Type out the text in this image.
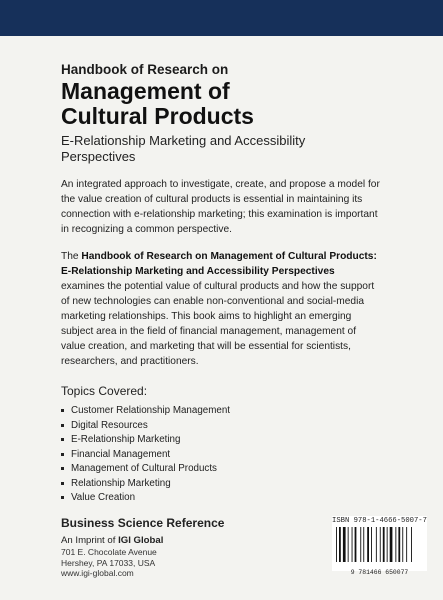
Handbook of Research on
Management of
Cultural Products
E-Relationship Marketing and Accessibility Perspectives

An integrated approach to investigate, create, and propose a model for the value creation of cultural products is essential in maintaining its connection with e-relationship marketing; this examination is important in recognizing a common perspective.

The Handbook of Research on Management of Cultural Products: E-Relationship Marketing and Accessibility Perspectives examines the potential value of cultural products and how the support of new technologies can enable non-conventional and social-media marketing relationships. This book aims to highlight an emerging subject area in the field of financial management, management of value creation, and marketing that will be essential for scientists, researchers, and practitioners.

Topics Covered:
Customer Relationship Management
Digital Resources
E-Relationship Marketing
Financial Management
Management of Cultural Products
Relationship Marketing
Value Creation
Business Science Reference
An Imprint of IGI Global
701 E. Chocolate Avenue
Hershey, PA 17033, USA
www.igi-global.com
ISBN 978-1-4666-5007-7
9 781466 650077
